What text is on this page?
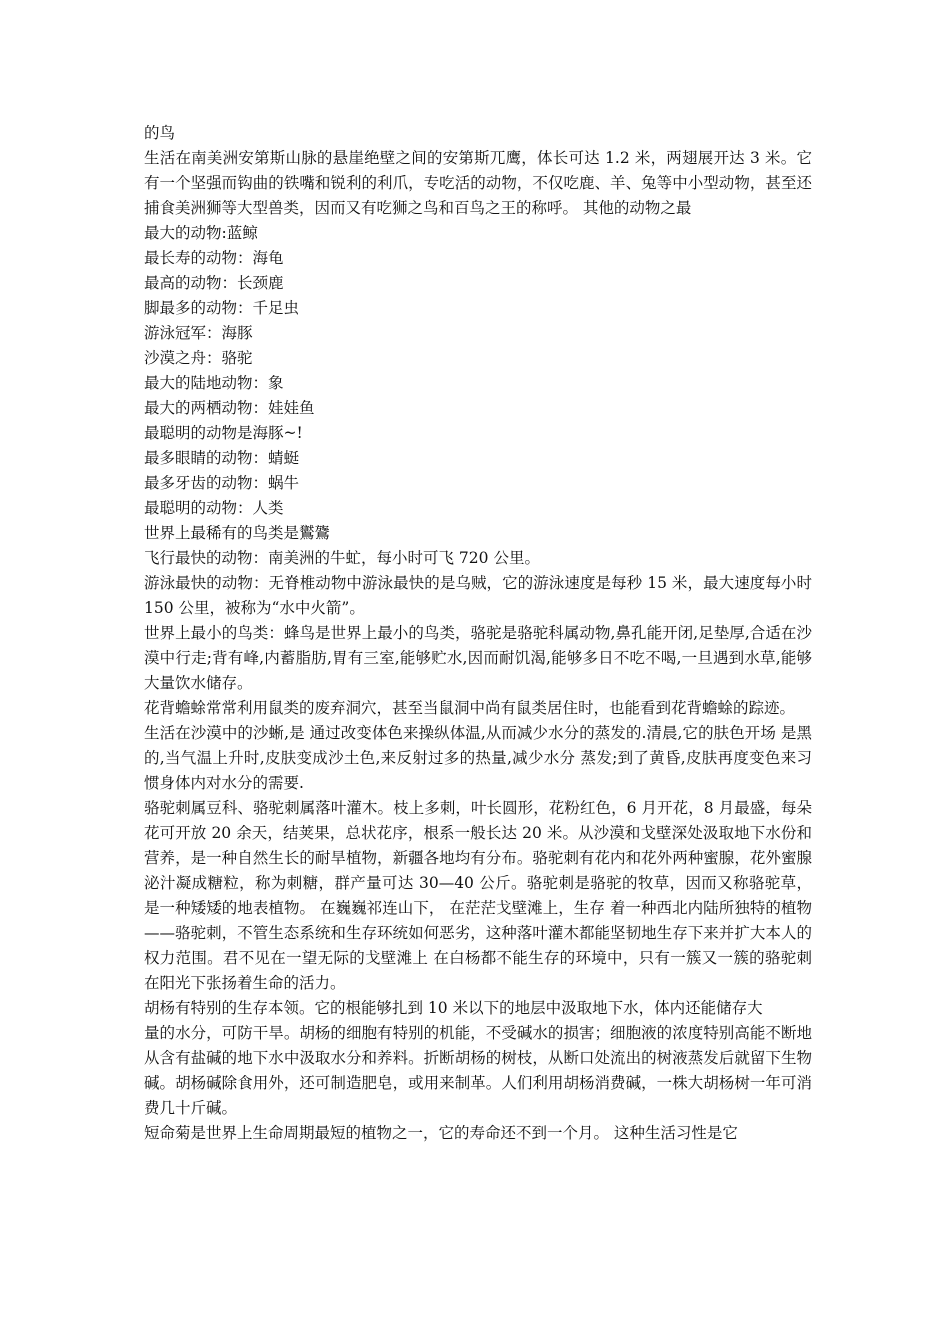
的鸟

生活在南美洲安第斯山脉的悬崖绝壁之间的安第斯兀鹰，体长可达 1.2 米，两翅展开达 3 米。它有一个坚强而钩曲的铁嘴和锐利的利爪，专吃活的动物，不仅吃鹿、羊、兔等中小型动物，甚至还捕食美洲狮等大型兽类，因而又有吃狮之鸟和百鸟之王的称呼。 其他的动物之最

最大的动物:蓝鲸

最长寿的动物：海龟

最高的动物：长颈鹿

脚最多的动物：千足虫

游泳冠军：海豚

沙漠之舟：骆驼

最大的陆地动物：象

最大的两栖动物：娃娃鱼

最聪明的动物是海豚~!

最多眼睛的动物：蜻蜓

最多牙齿的动物：蜗牛

最聪明的动物：人类

世界上最稀有的鸟类是鸑鷟

飞行最快的动物：南美洲的牛虻，每小时可飞 720 公里。

游泳最快的动物：无脊椎动物中游泳最快的是乌贼，它的游泳速度是每秒 15 米，最大速度每小时 150 公里，被称为“水中火箭”。

世界上最小的鸟类：蜂鸟是世界上最小的鸟类，骆驼是骆驼科属动物,鼻孔能开闭,足垫厚,合适在沙漠中行走;背有峰,内蓄脂肪,胃有三室,能够贮水,因而耐饥渴,能够多日不吃不喝,一旦遇到水草,能够大量饮水储存。

花背蟾蜍常常利用鼠类的废弃洞穴，甚至当鼠洞中尚有鼠类居住时，也能看到花背蟾蜍的踪迹。

生活在沙漠中的沙蜥,是 通过改变体色来操纵体温,从而减少水分的蒸发的.清晨,它的肤色开场 是黑的,当气温上升时,皮肤变成沙土色,来反射过多的热量,减少水分 蒸发;到了黄昏,皮肤再度变色来习惯身体内对水分的需要.

骆驼刺属豆科、骆驼刺属落叶灌木。枝上多刺，叶长圆形，花粉红色，6 月开花，8 月最盛，每朵花可开放 20 余天，结荚果，总状花序，根系一般长达 20 米。从沙漠和戈壁深处汲取地下水份和营养，是一种自然生长的耐旱植物，新疆各地均有分布。骆驼刺有花内和花外两种蜜腺，花外蜜腺泌汁凝成糖粒，称为刺糖，群产量可达 30—40 公斤。骆驼刺是骆驼的牧草，因而又称骆驼草，是一种矮矮的地表植物。 在巍巍祁连山下， 在茫茫戈壁滩上，生存 着一种西北内陆所独特的植物——骆驼刺，不管生态系统和生存环统如何恶劣，这种落叶灌木都能坚韧地生存下来并扩大本人的权力范围。君不见在一望无际的戈壁滩上 在白杨都不能生存的环境中，只有一簇又一簇的骆驼刺在阳光下张扬着生命的活力。

胡杨有特别的生存本领。它的根能够扎到 10 米以下的地层中汲取地下水，体内还能储存大

量的水分，可防干旱。胡杨的细胞有特别的机能，不受碱水的损害；细胞液的浓度特别高能不断地从含有盐碱的地下水中汲取水分和养料。折断胡杨的树枝，从断口处流出的树液蒸发后就留下生物碱。胡杨碱除食用外，还可制造肥皂，或用来制革。人们利用胡杨消费碱，一株大胡杨树一年可消费几十斤碱。

短命菊是世界上生命周期最短的植物之一，它的寿命还不到一个月。 这种生活习性是它
